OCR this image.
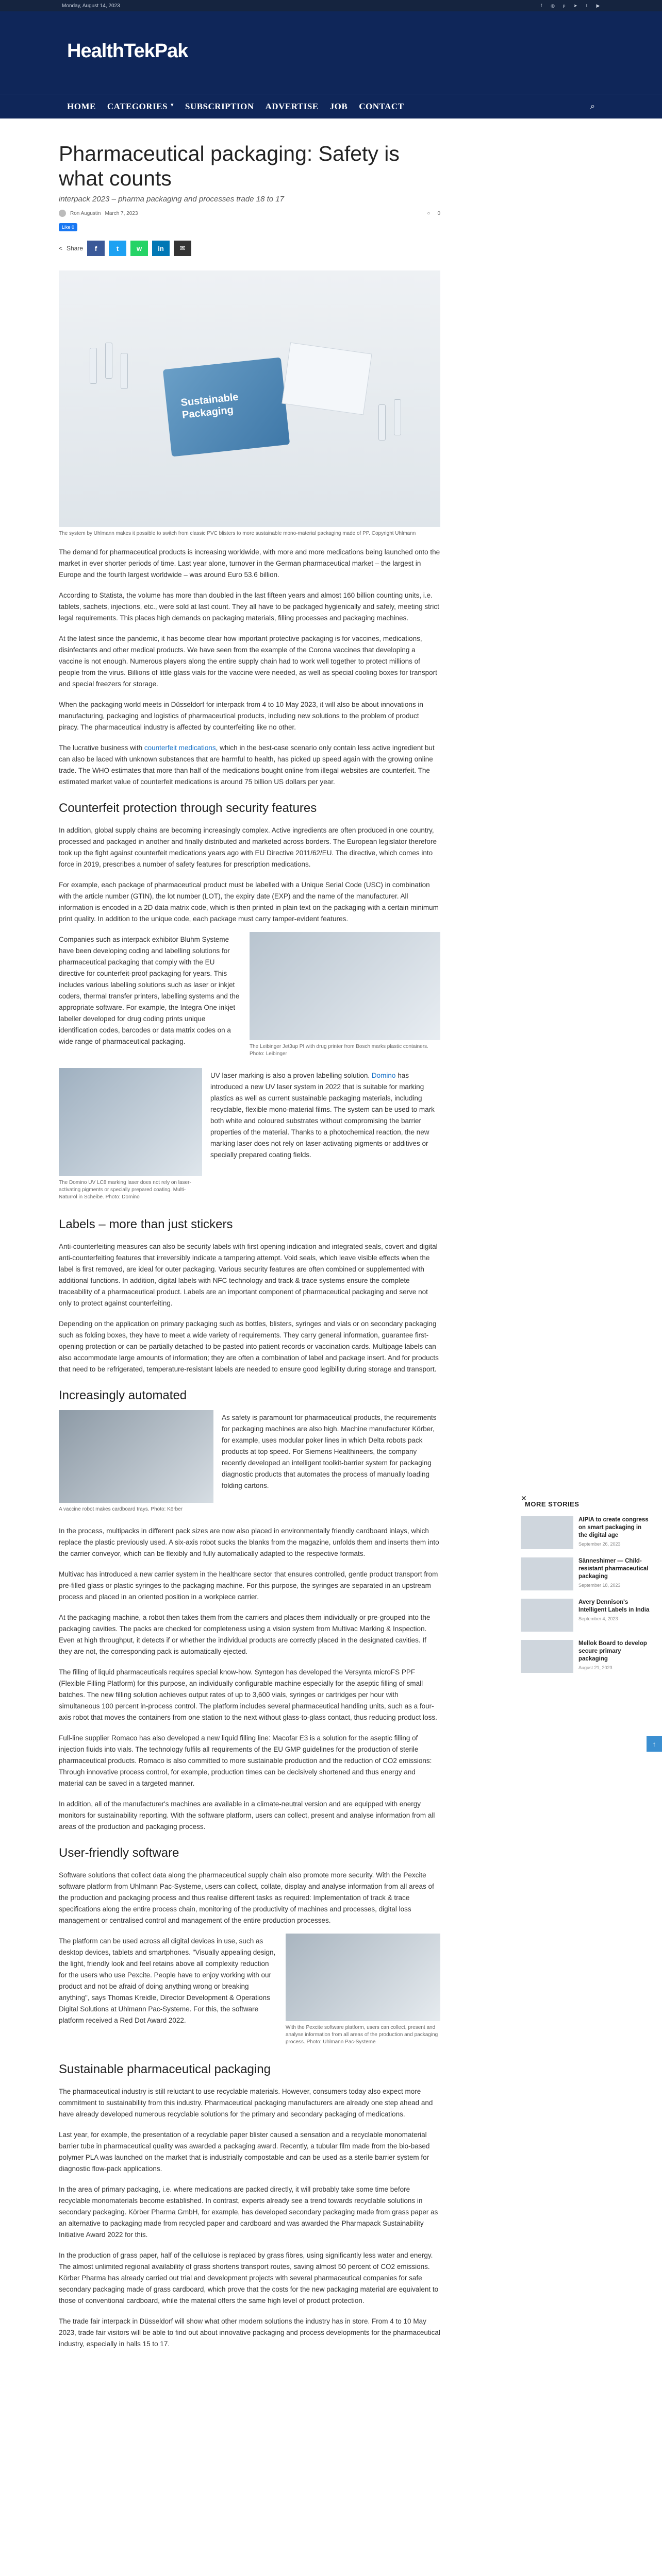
Monday, August 14, 2023	f	◎	p	➤	t	▶
HealthTekPak
HOME CATEGORIES ▾ SUBSCRIPTION ADVERTISE JOB CONTACT	⌕
Pharmaceutical packaging: Safety is what counts
interpack 2023 – pharma packaging and processes trade 18 to 17
Ron Augustin March 7, 2023	○ 0
Like 0
< Share	f	t	w	in	✉
Sustainable Packaging
The system by Uhlmann makes it possible to switch from classic PVC blisters to more sustainable mono-material packaging made of PP. Copyright Uhlmann

The demand for pharmaceutical products is increasing worldwide, with more and more medications being launched onto the market in ever shorter periods of time. Last year alone, turnover in the German pharmaceutical market – the largest in Europe and the fourth largest worldwide – was around Euro 53.6 billion.

According to Statista, the volume has more than doubled in the last fifteen years and almost 160 billion counting units, i.e. tablets, sachets, injections, etc., were sold at last count. They all have to be packaged hygienically and safely, meeting strict legal requirements. This places high demands on packaging materials, filling processes and packaging machines.

At the latest since the pandemic, it has become clear how important protective packaging is for vaccines, medications, disinfectants and other medical products. We have seen from the example of the Corona vaccines that developing a vaccine is not enough. Numerous players along the entire supply chain had to work well together to protect millions of people from the virus. Billions of little glass vials for the vaccine were needed, as well as special cooling boxes for transport and special freezers for storage.

When the packaging world meets in Düsseldorf for interpack from 4 to 10 May 2023, it will also be about innovations in manufacturing, packaging and logistics of pharmaceutical products, including new solutions to the problem of product piracy. The pharmaceutical industry is affected by counterfeiting like no other.

The lucrative business with counterfeit medications, which in the best-case scenario only contain less active ingredient but can also be laced with unknown substances that are harmful to health, has picked up speed again with the growing online trade. The WHO estimates that more than half of the medications bought online from illegal websites are counterfeit. The estimated market value of counterfeit medications is around 75 billion US dollars per year.

Counterfeit protection through security features

In addition, global supply chains are becoming increasingly complex. Active ingredients are often produced in one country, processed and packaged in another and finally distributed and marketed across borders. The European legislator therefore took up the fight against counterfeit medications years ago with EU Directive 2011/62/EU. The directive, which comes into force in 2019, prescribes a number of safety features for prescription medications.

For example, each package of pharmaceutical product must be labelled with a Unique Serial Code (USC) in combination with the article number (GTIN), the lot number (LOT), the expiry date (EXP) and the name of the manufacturer. All information is encoded in a 2D data matrix code, which is then printed in plain text on the packaging with a certain minimum print quality. In addition to the unique code, each package must carry tamper-evident features.

The Leibinger Jet3up PI with drug printer from Bosch marks plastic containers. Photo: Leibinger

Companies such as interpack exhibitor Bluhm Systeme have been developing coding and labelling solutions for pharmaceutical packaging that comply with the EU directive for counterfeit-proof packaging for years. This includes various labelling solutions such as laser or inkjet coders, thermal transfer printers, labelling systems and the appropriate software. For example, the Integra One inkjet labeller developed for drug coding prints unique identification codes, barcodes or data matrix codes on a wide range of pharmaceutical packaging.

The Domino UV LC8 marking laser does not rely on laser-activating pigments or specially prepared coating. Multi-Naturrol in Scheibe. Photo: Domino

UV laser marking is also a proven labelling solution. Domino has introduced a new UV laser system in 2022 that is suitable for marking plastics as well as current sustainable packaging materials, including recyclable, flexible mono-material films. The system can be used to mark both white and coloured substrates without compromising the barrier properties of the material. Thanks to a photochemical reaction, the new marking laser does not rely on laser-activating pigments or additives or specially prepared coating fields.

Labels – more than just stickers

Anti-counterfeiting measures can also be security labels with first opening indication and integrated seals, covert and digital anti-counterfeiting features that irreversibly indicate a tampering attempt. Void seals, which leave visible effects when the label is first removed, are ideal for outer packaging. Various security features are often combined or supplemented with additional functions. In addition, digital labels with NFC technology and track & trace systems ensure the complete traceability of a pharmaceutical product. Labels are an important component of pharmaceutical packaging and serve not only to protect against counterfeiting.

Depending on the application on primary packaging such as bottles, blisters, syringes and vials or on secondary packaging such as folding boxes, they have to meet a wide variety of requirements. They carry general information, guarantee first-opening protection or can be partially detached to be pasted into patient records or vaccination cards. Multipage labels can also accommodate large amounts of information; they are often a combination of label and package insert. And for products that need to be refrigerated, temperature-resistant labels are needed to ensure good legibility during storage and transport.

Increasingly automated
A vaccine robot makes cardboard trays. Photo: Körber

As safety is paramount for pharmaceutical products, the requirements for packaging machines are also high. Machine manufacturer Körber, for example, uses modular poker lines in which Delta robots pack products at top speed. For Siemens Healthineers, the company recently developed an intelligent toolkit-barrier system for packaging diagnostic products that automates the process of manually loading folding cartons.

In the process, multipacks in different pack sizes are now also placed in environmentally friendly cardboard inlays, which replace the plastic previously used. A six-axis robot sucks the blanks from the magazine, unfolds them and inserts them into the carrier conveyor, which can be flexibly and fully automatically adapted to the respective formats.

Multivac has introduced a new carrier system in the healthcare sector that ensures controlled, gentle product transport from pre-filled glass or plastic syringes to the packaging machine. For this purpose, the syringes are separated in an upstream process and placed in an oriented position in a workpiece carrier.

At the packaging machine, a robot then takes them from the carriers and places them individually or pre-grouped into the packaging cavities. The packs are checked for completeness using a vision system from Multivac Marking & Inspection. Even at high throughput, it detects if or whether the individual products are correctly placed in the designated cavities. If they are not, the corresponding pack is automatically ejected.

The filling of liquid pharmaceuticals requires special know-how. Syntegon has developed the Versynta microFS PPF (Flexible Filling Platform) for this purpose, an individually configurable machine especially for the aseptic filling of small batches. The new filling solution achieves output rates of up to 3,600 vials, syringes or cartridges per hour with simultaneous 100 percent in-process control. The platform includes several pharmaceutical handling units, such as a four-axis robot that moves the containers from one station to the next without glass-to-glass contact, thus reducing product loss.

Full-line supplier Romaco has also developed a new liquid filling line: Macofar E3 is a solution for the aseptic filling of injection fluids into vials. The technology fulfils all requirements of the EU GMP guidelines for the production of sterile pharmaceutical products. Romaco is also committed to more sustainable production and the reduction of CO2 emissions: Through innovative process control, for example, production times can be decisively shortened and thus energy and material can be saved in a targeted manner.

In addition, all of the manufacturer's machines are available in a climate-neutral version and are equipped with energy monitors for sustainability reporting. With the software platform, users can collect, present and analyse information from all areas of the production and packaging process.

User-friendly software

Software solutions that collect data along the pharmaceutical supply chain also promote more security. With the Pexcite software platform from Uhlmann Pac-Systeme, users can collect, collate, display and analyse information from all areas of the production and packaging process and thus realise different tasks as required: Implementation of track & trace specifications along the entire process chain, monitoring of the productivity of machines and processes, digital loss management or centralised control and management of the entire production processes.

With the Pexcite software platform, users can collect, present and analyse information from all areas of the production and packaging process. Photo: Uhlmann Pac-Systeme

The platform can be used across all digital devices in use, such as desktop devices, tablets and smartphones. "Visually appealing design, the light, friendly look and feel retains above all complexity reduction for the users who use Pexcite. People have to enjoy working with our product and not be afraid of doing anything wrong or breaking anything", says Thomas Kreidle, Director Development & Operations Digital Solutions at Uhlmann Pac-Systeme. For this, the software platform received a Red Dot Award 2022.

Sustainable pharmaceutical packaging

The pharmaceutical industry is still reluctant to use recyclable materials. However, consumers today also expect more commitment to sustainability from this industry. Pharmaceutical packaging manufacturers are already one step ahead and have already developed numerous recyclable solutions for the primary and secondary packaging of medications.

Last year, for example, the presentation of a recyclable paper blister caused a sensation and a recyclable monomaterial barrier tube in pharmaceutical quality was awarded a packaging award. Recently, a tubular film made from the bio-based polymer PLA was launched on the market that is industrially compostable and can be used as a sterile barrier system for diagnostic flow-pack applications.

In the area of primary packaging, i.e. where medications are packed directly, it will probably take some time before recyclable monomaterials become established. In contrast, experts already see a trend towards recyclable solutions in secondary packaging. Körber Pharma GmbH, for example, has developed secondary packaging made from grass paper as an alternative to packaging made from recycled paper and cardboard and was awarded the Pharmapack Sustainability Initiative Award 2022 for this.

In the production of grass paper, half of the cellulose is replaced by grass fibres, using significantly less water and energy. The almost unlimited regional availability of grass shortens transport routes, saving almost 50 percent of CO2 emissions. Körber Pharma has already carried out trial and development projects with several pharmaceutical companies for safe secondary packaging made of grass cardboard, which prove that the costs for the new packaging material are equivalent to those of conventional cardboard, while the material offers the same high level of product protection.

The trade fair interpack in Düsseldorf will show what other modern solutions the industry has in store. From 4 to 10 May 2023, trade fair visitors will be able to find out about innovative packaging and process developments for the pharmaceutical industry, especially in halls 15 to 17.

✕
MORE STORIES
AIPIA to create congress on smart packaging in the digital age
September 26, 2023
Sänneshimer — Child-resistant pharmaceutical packaging
September 18, 2023
Avery Dennison's Intelligent Labels in India
September 4, 2023
Mellok Board to develop secure primary packaging
August 21, 2023
↑
